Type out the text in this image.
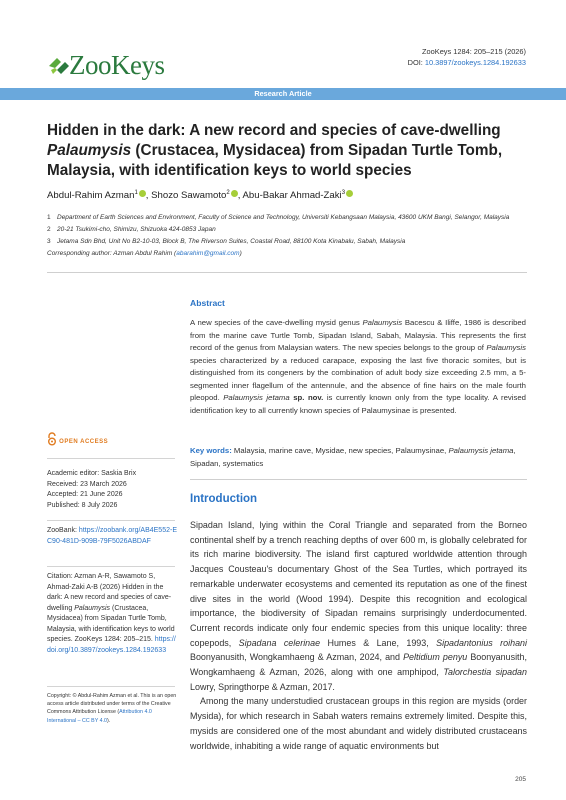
ZooKeys	ZooKeys 1284: 205–215 (2026)
DOI: 10.3897/zookeys.1284.192633
Research Article
Hidden in the dark: A new record and species of cave-dwelling Palaumysis (Crustacea, Mysidacea) from Sipadan Turtle Tomb, Malaysia, with identification keys to world species
Abdul-Rahim Azman$^1$ , Shozo Sawamoto$^2$ , Abu-Bakar Ahmad-Zaki$^3$
1 Department of Earth Sciences and Environment, Faculty of Science and Technology, Universiti Kebangsaan Malaysia, 43600 UKM Bangi, Selangor, Malaysia
2 20-21 Tsukimi-cho, Shimizu, Shizuoka 424-0853 Japan
3 Jetama Sdn Bhd, Unit No B2-10-03, Block B, The Riverson Suites, Coastal Road, 88100 Kota Kinabalu, Sabah, Malaysia
Corresponding author: Azman Abdul Rahim (abarahim@gmail.com)
Abstract
A new species of the cave-dwelling mysid genus Palaumysis Bacescu & Iliffe, 1986 is described from the marine cave Turtle Tomb, Sipadan Island, Sabah, Malaysia. This represents the first record of the genus from Malaysian waters. The new species belongs to the group of Palaumysis species characterized by a reduced carapace, exposing the last five thoracic somites, but is distinguished from its congeners by the combination of adult body size exceeding 2.5 mm, a 5-segmented inner flagellum of the antennule, and the absence of fine hairs on the male fourth pleopod. Palaumysis jetama sp. nov. is currently known only from the type locality. A revised identification key to all currently known species of Palaumysinae is presented.
Key words: Malaysia, marine cave, Mysidae, new species, Palaumysinae, Palaumysis jetama, Sipadan, systematics
OPEN ACCESS
Academic editor: Saskia Brix
Received: 23 March 2026
Accepted: 21 June 2026
Published: 8 July 2026
ZooBank: https://zoobank.org/AB4E552-EC90-481D-909B-79F5026ABDAF
Citation: Azman A-R, Sawamoto S, Ahmad-Zaki A-B (2026) Hidden in the dark: A new record and species of cave-dwelling Palaumysis (Crustacea, Mysidacea) from Sipadan Turtle Tomb, Malaysia, with identification keys to world species. ZooKeys 1284: 205–215. https://doi.org/10.3897/zookeys.1284.192633
Copyright: © Abdul-Rahim Azman et al. This is an open access article distributed under terms of the Creative Commons Attribution License (Attribution 4.0 International – CC BY 4.0).
Introduction

Sipadan Island, lying within the Coral Triangle and separated from the Borneo continental shelf by a trench reaching depths of over 600 m, is globally celebrated for its rich marine biodiversity. The island first captured worldwide attention through Jacques Cousteau's documentary Ghost of the Sea Turtles, which portrayed its remarkable underwater ecosystems and cemented its reputation as one of the finest dive sites in the world (Wood 1994). Despite this recognition and ecological importance, the biodiversity of Sipadan remains surprisingly underdocumented. Current records indicate only four endemic species from this unique locality: three copepods, Sipadana celerinae Humes & Lane, 1993, Sipadantonius roihani Boonyanusith, Wongkamhaeng & Azman, 2024, and Peltidium penyu Boonyanusith, Wongkamhaeng & Azman, 2026, along with one amphipod, Talorchestia sipadan Lowry, Springthorpe & Azman, 2017.

Among the many understudied crustacean groups in this region are mysids (order Mysida), for which research in Sabah waters remains extremely limited. Despite this, mysids are considered one of the most abundant and widely distributed crustaceans worldwide, inhabiting a wide range of aquatic environments but

205
